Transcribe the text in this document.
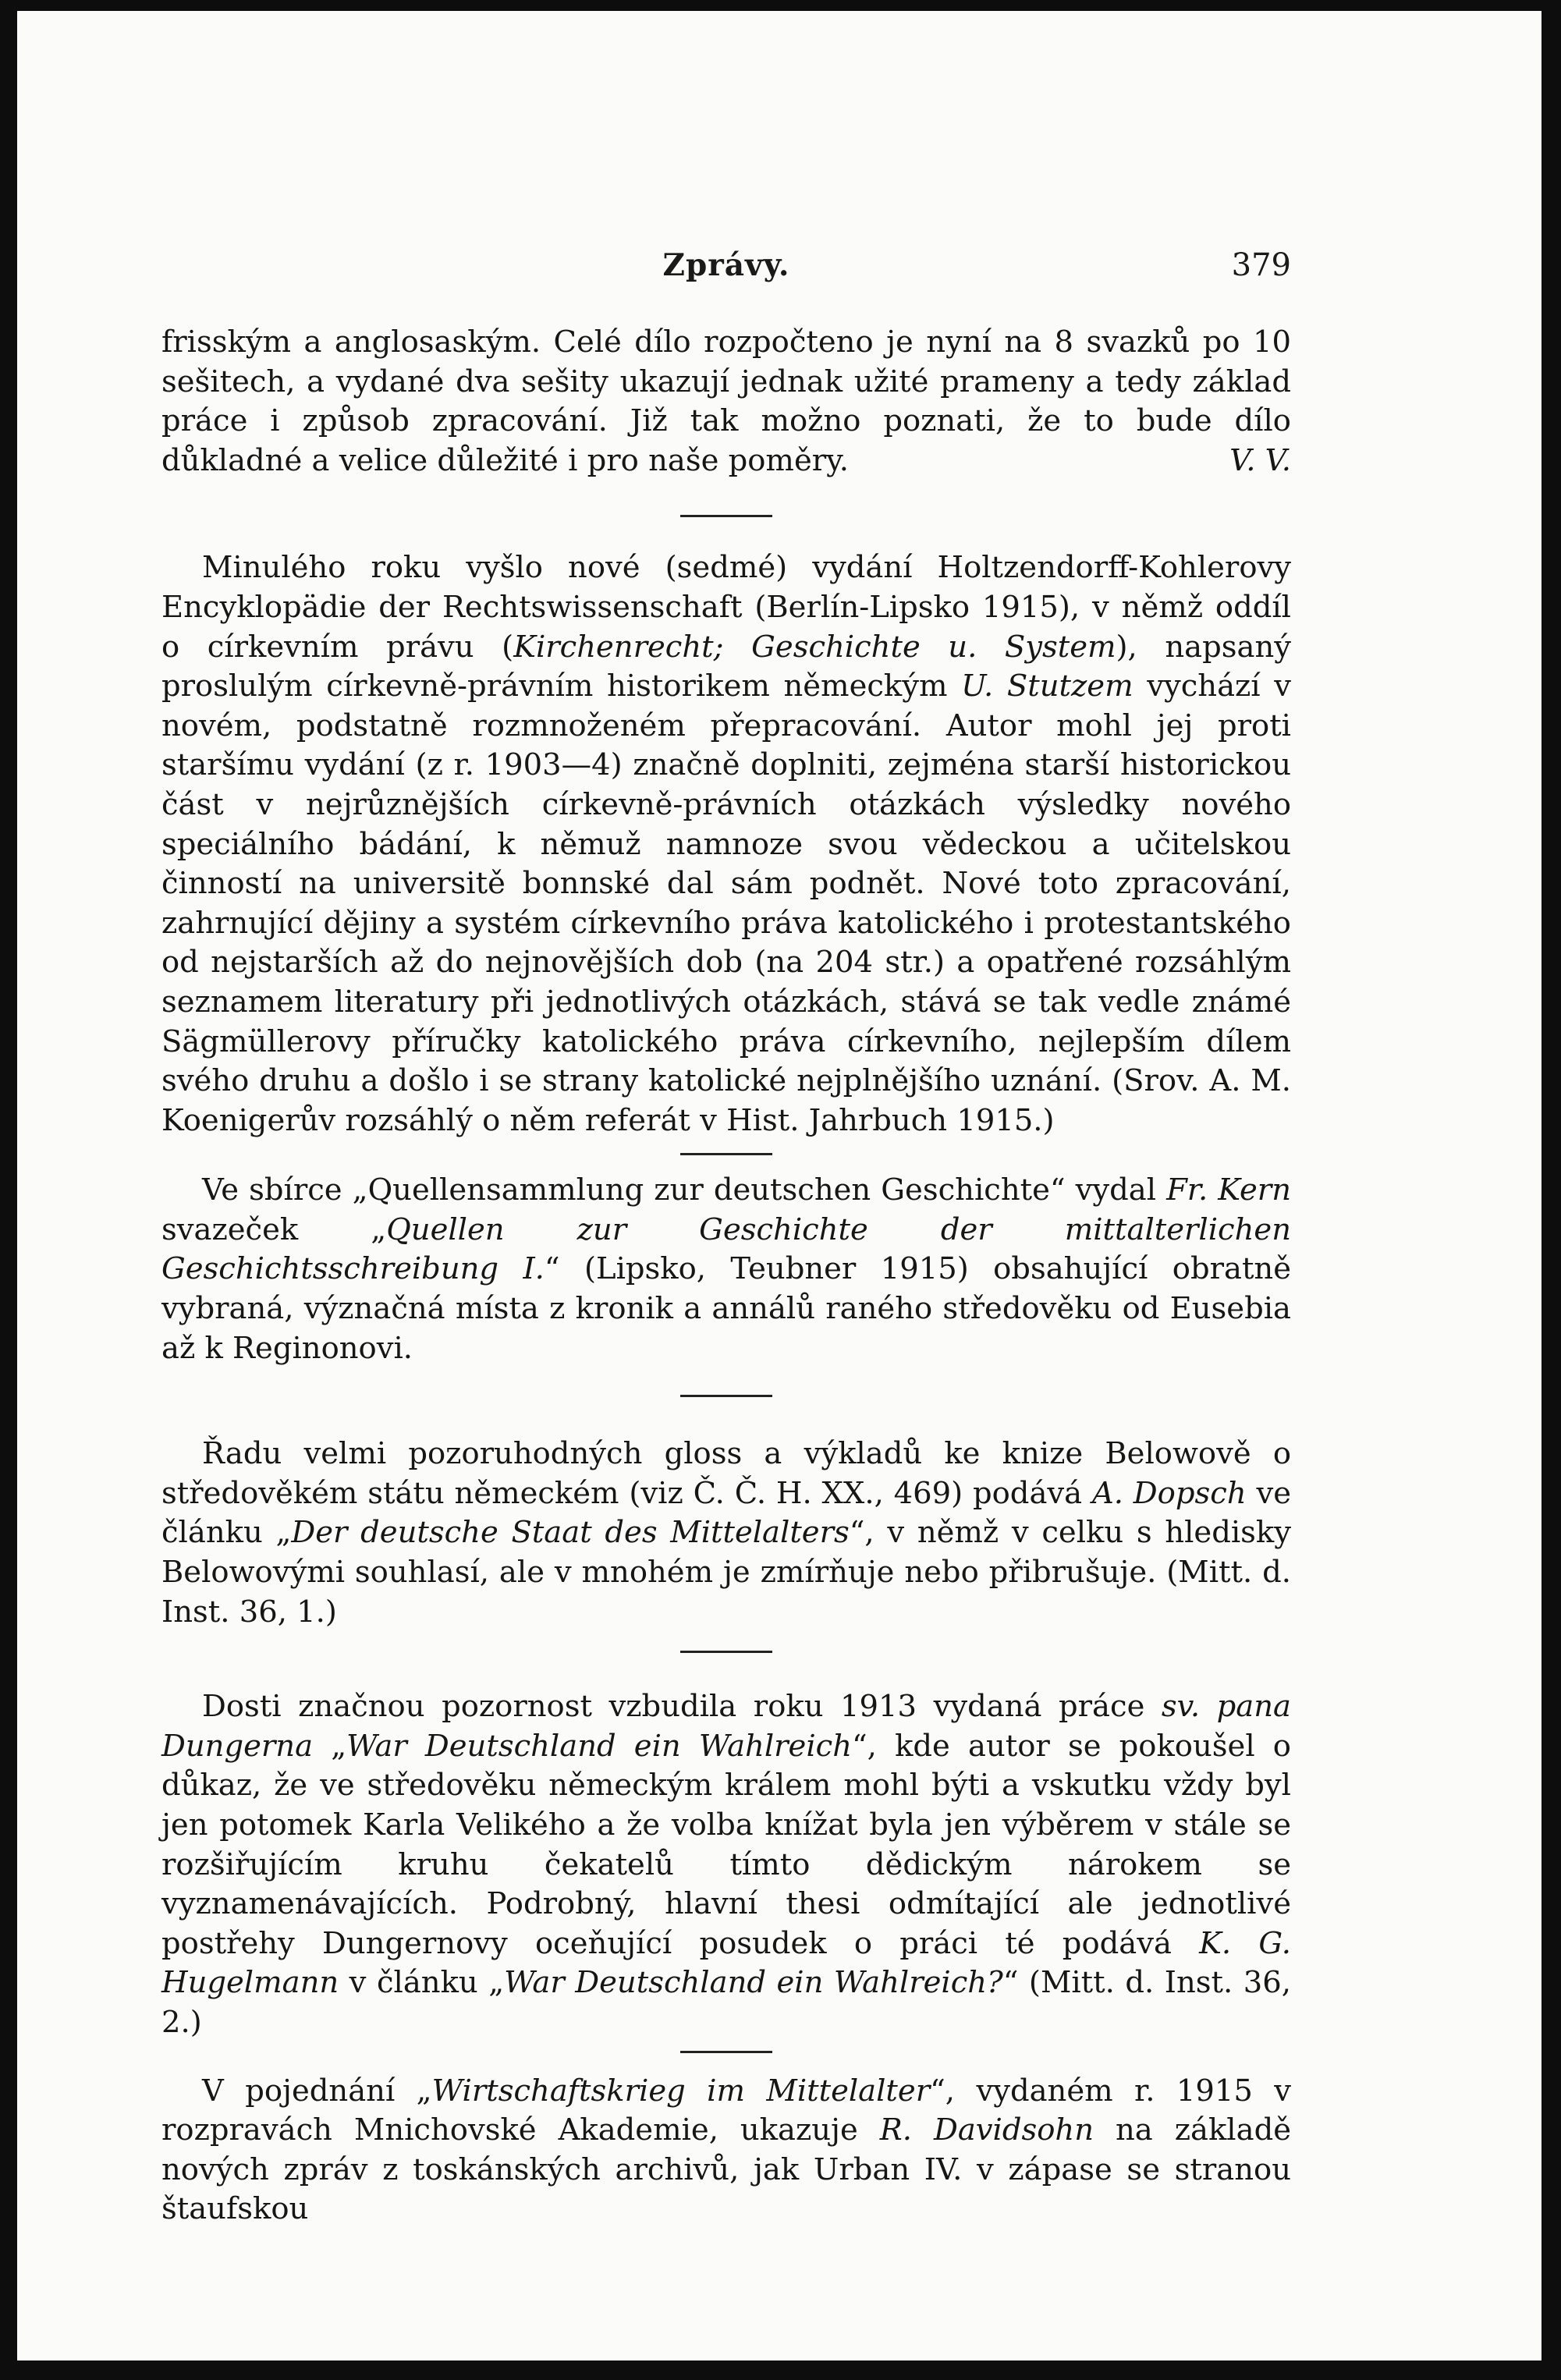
Zprávy.	379

frisským a anglosaským. Celé dílo rozpočteno je nyní na 8 svazků po 10 sešitech, a vydané dva sešity ukazují jednak užité prameny a tedy základ práce i způsob zpracování. Již tak možno poznati, že to bude dílo důkladné a velice důležité i pro naše poměry.	V. V.

Minulého roku vyšlo nové (sedmé) vydání Holtzendorff-Kohlerovy Encyklopädie der Rechtswissenschaft (Berlín-Lipsko 1915), v němž oddíl o církevním právu (Kirchenrecht; Geschichte u. System), napsaný proslulým církevně-právním historikem německým U. Stutzem vychází v novém, podstatně rozmnoženém přepracování. Autor mohl jej proti staršímu vydání (z r. 1903—4) značně doplniti, zejména starší historickou část v nejrůznějších církevně-právních otázkách výsledky nového speciálního bádání, k němuž namnoze svou vědeckou a učitelskou činností na universitě bonnské dal sám podnět. Nové toto zpracování, zahrnující dějiny a systém církevního práva katolického i protestantského od nejstarších až do nejnovějších dob (na 204 str.) a opatřené rozsáhlým seznamem literatury při jednotlivých otázkách, stává se tak vedle známé Sägmüllerovy příručky katolického práva církevního, nejlepším dílem svého druhu a došlo i se strany katolické nejplnějšího uznání. (Srov. A. M. Koenigerův rozsáhlý o něm referát v Hist. Jahrbuch 1915.)

Ve sbírce „Quellensammlung zur deutschen Geschichte“ vydal Fr. Kern svazeček „Quellen zur Geschichte der mittalterlichen Geschichtsschreibung I.“ (Lipsko, Teubner 1915) obsahující obratně vybraná, význačná místa z kronik a annálů raného středověku od Eusebia až k Reginonovi.

Řadu velmi pozoruhodných gloss a výkladů ke knize Belowově o středověkém státu německém (viz Č. Č. H. XX., 469) podává A. Dopsch ve článku „Der deutsche Staat des Mittelalters“, v němž v celku s hledisky Belowovými souhlasí, ale v mnohém je zmírňuje nebo přibrušuje. (Mitt. d. Inst. 36, 1.)

Dosti značnou pozornost vzbudila roku 1913 vydaná práce sv. pana Dungerna „War Deutschland ein Wahlreich“, kde autor se pokoušel o důkaz, že ve středověku německým králem mohl býti a vskutku vždy byl jen potomek Karla Velikého a že volba knížat byla jen výběrem v stále se rozšiřujícím kruhu čekatelů tímto dědickým nárokem se vyznamenávajících. Podrobný, hlavní thesi odmítající ale jednotlivé postřehy Dungernovy oceňující posudek o práci té podává K. G. Hugelmann v článku „War Deutschland ein Wahlreich?“ (Mitt. d. Inst. 36, 2.)

V pojednání „Wirtschaftskrieg im Mittelalter“, vydaném r. 1915 v rozpravách Mnichovské Akademie, ukazuje R. Davidsohn na základě nových zpráv z toskánských archivů, jak Urban IV. v zápase se stranou štaufskou
